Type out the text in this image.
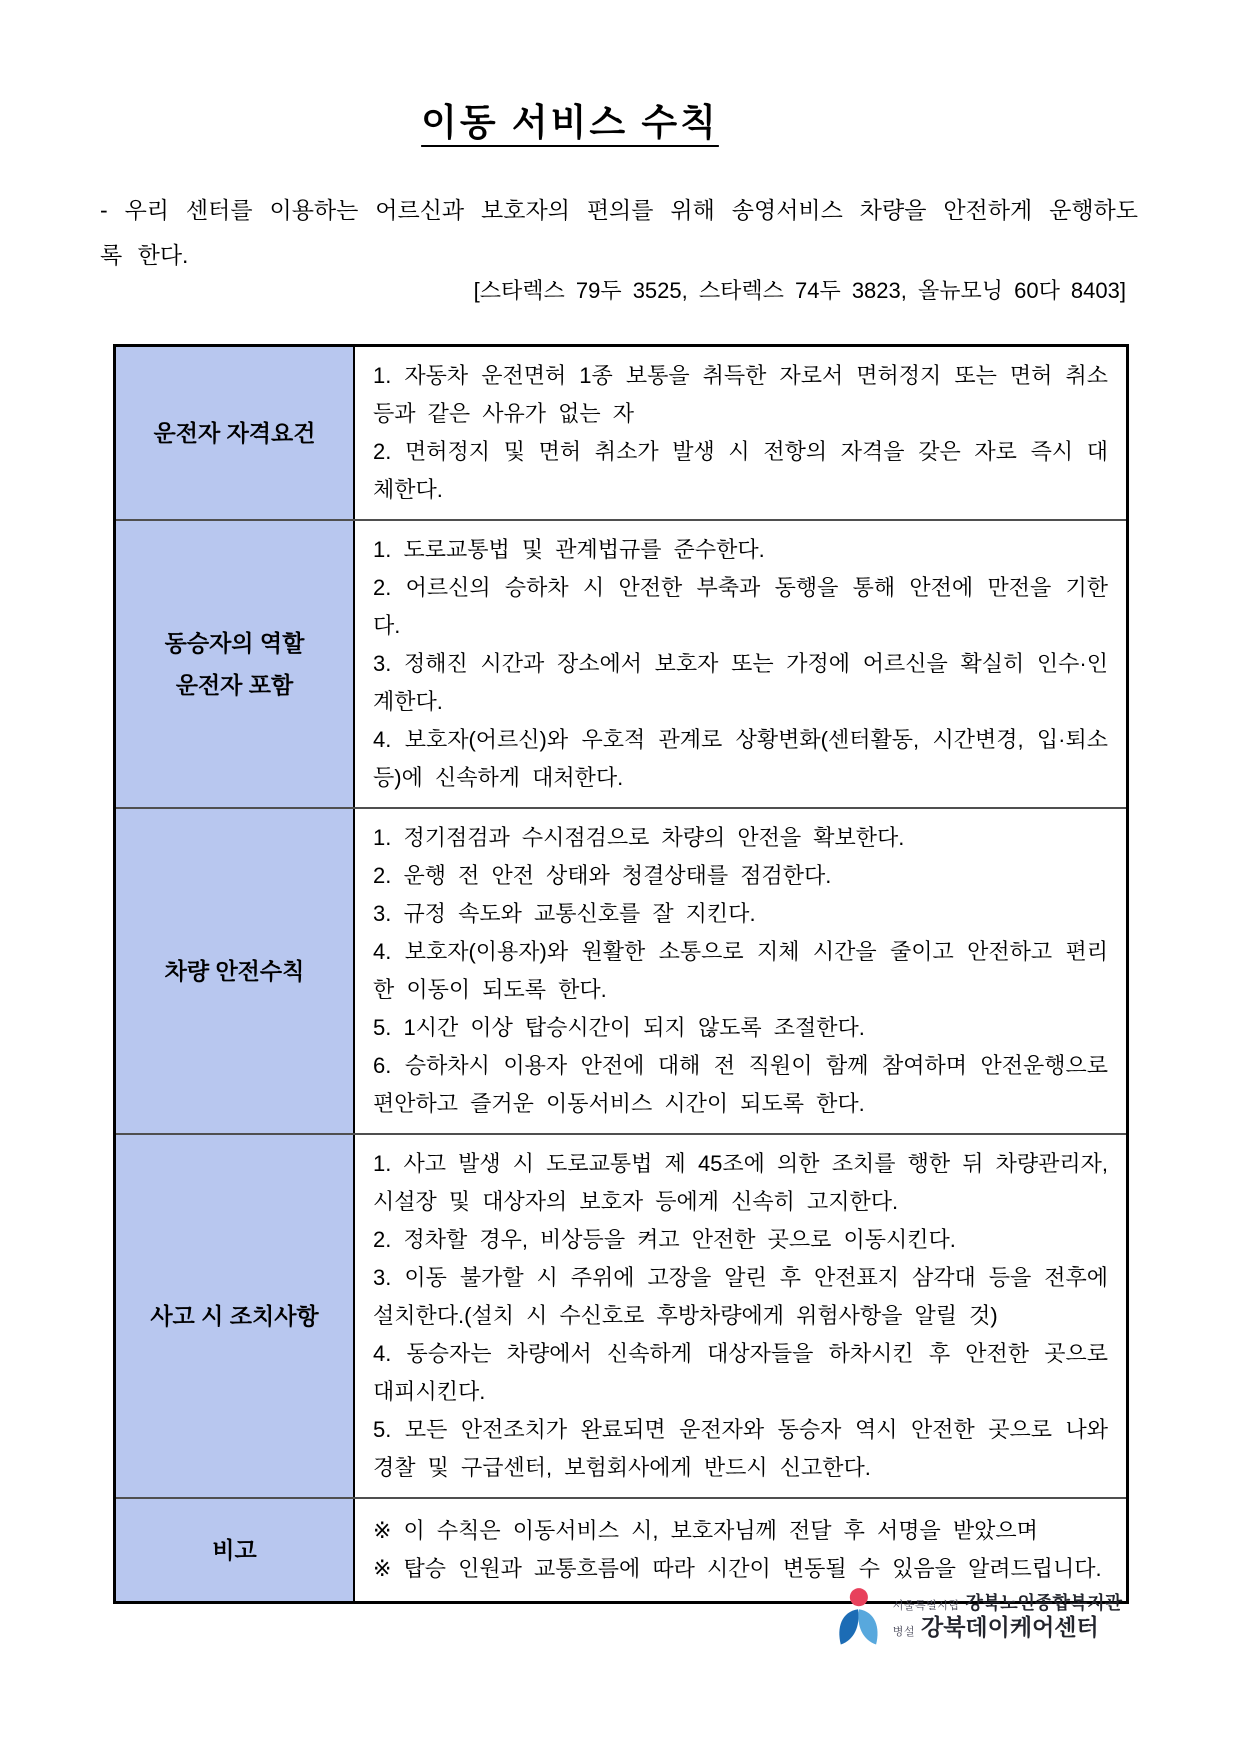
이동 서비스 수칙

- 우리 센터를 이용하는 어르신과 보호자의 편의를 위해 송영서비스 차량을 안전하게 운행하도록 한다.

[스타렉스 79두 3525, 스타렉스 74두 3823, 올뉴모닝 60다 8403]

운전자 자격요건

1. 자동차 운전면허 1종 보통을 취득한 자로서 면허정지 또는 면허 취소 등과 같은 사유가 없는 자

2. 면허정지 및 면허 취소가 발생 시 전항의 자격을 갖은 자로 즉시 대체한다.

동승자의 역할
운전자 포함

1. 도로교통법 및 관계법규를 준수한다.

2. 어르신의 승하차 시 안전한 부축과 동행을 통해 안전에 만전을 기한다.

3. 정해진 시간과 장소에서 보호자 또는 가정에 어르신을 확실히 인수·인계한다.

4. 보호자(어르신)와 우호적 관계로 상황변화(센터활동, 시간변경, 입·퇴소 등)에 신속하게 대처한다.

차량 안전수칙

1. 정기점검과 수시점검으로 차량의 안전을 확보한다.

2. 운행 전 안전 상태와 청결상태를 점검한다.

3. 규정 속도와 교통신호를 잘 지킨다.

4. 보호자(이용자)와 원활한 소통으로 지체 시간을 줄이고 안전하고 편리한 이동이 되도록 한다.

5. 1시간 이상 탑승시간이 되지 않도록 조절한다.

6. 승하차시 이용자 안전에 대해 전 직원이 함께 참여하며 안전운행으로 편안하고 즐거운 이동서비스 시간이 되도록 한다.

사고 시 조치사항

1. 사고 발생 시 도로교통법 제 45조에 의한 조치를 행한 뒤 차량관리자, 시설장 및 대상자의 보호자 등에게 신속히 고지한다.

2. 정차할 경우, 비상등을 켜고 안전한 곳으로 이동시킨다.

3. 이동 불가할 시 주위에 고장을 알린 후 안전표지 삼각대 등을 전후에 설치한다.(설치 시 수신호로 후방차량에게 위험사항을 알릴 것)

4. 동승자는 차량에서 신속하게 대상자들을 하차시킨 후 안전한 곳으로 대피시킨다.

5. 모든 안전조치가 완료되면 운전자와 동승자 역시 안전한 곳으로 나와 경찰 및 구급센터, 보험회사에게 반드시 신고한다.

비고

※ 이 수칙은 이동서비스 시, 보호자님께 전달 후 서명을 받았으며

※ 탑승 인원과 교통흐름에 따라 시간이 변동될 수 있음을 알려드립니다.

서울특별시립 강북노인종합복지관
병설 강북데이케어센터
